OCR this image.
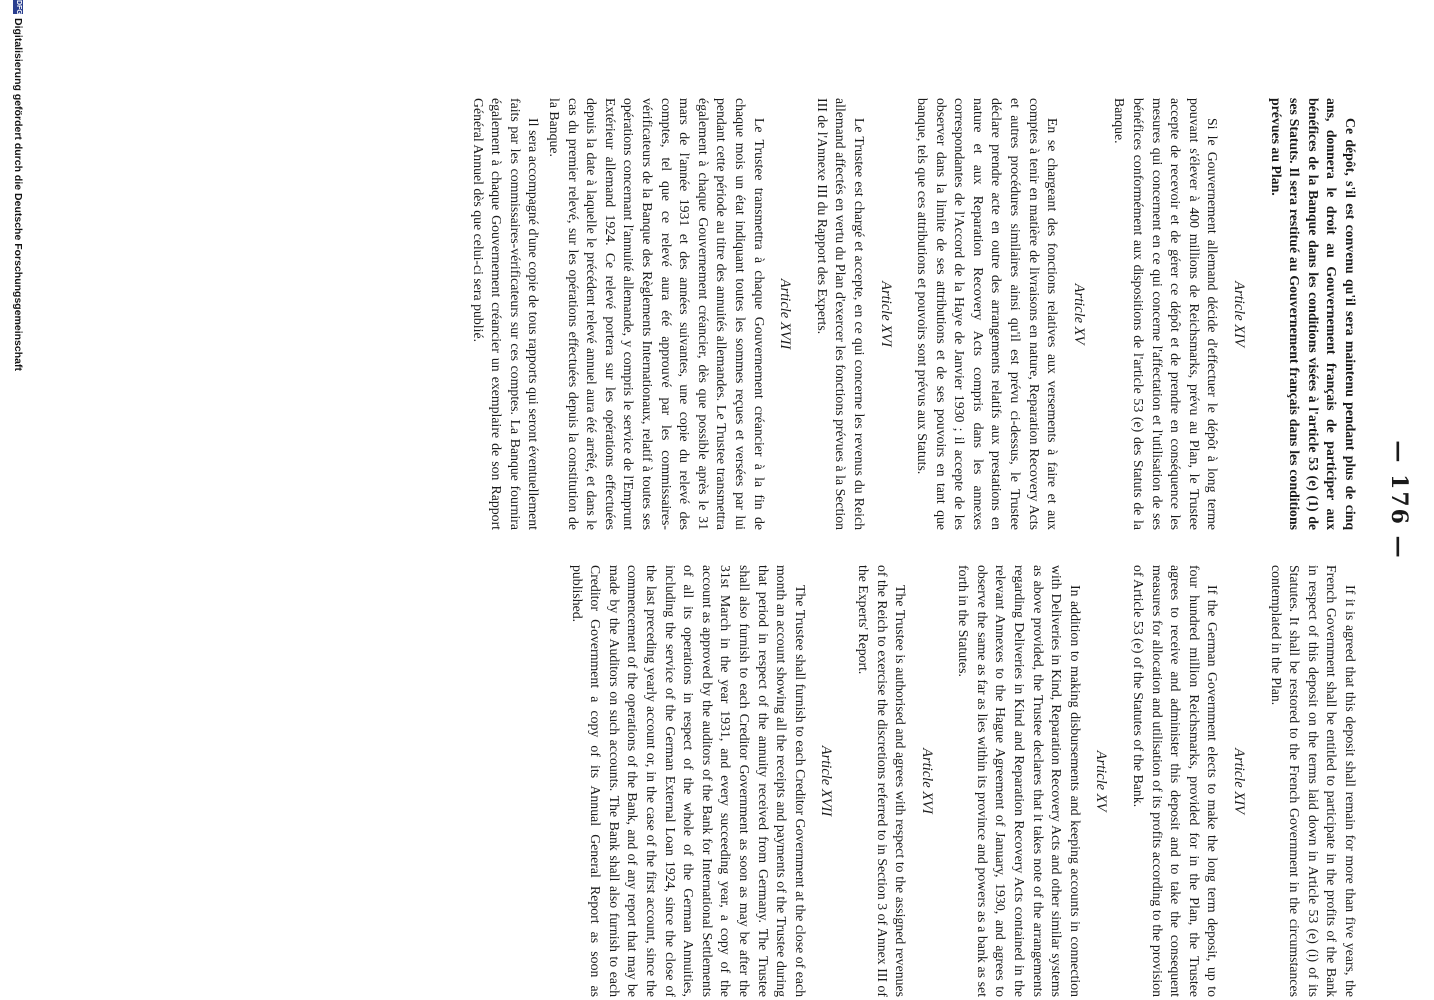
— 176 —

Ce dépôt, s'il est convenu qu'il sera maintenu pendant plus de cinq ans, donnera le droit au Gouvernement français de participer aux bénéfices de la Banque dans les conditions visées à l'article 53 (e) (1) de ses Statuts. Il sera restitué au Gouvernement français dans les conditions prévues au Plan.

Article XIV

Si le Gouvernement allemand décide d'effectuer le dépôt à long terme pouvant s'élever à 400 millions de Reichsmarks, prévu au Plan, le Trustee accepte de recevoir et de gérer ce dépôt et de prendre en conséquence les mesures qui concernent en ce qui concerne l'affectation et l'utilisation de ses bénéfices conformément aux dispositions de l'article 53 (e) des Statuts de la Banque.

Article XV

En se chargeant des fonctions relatives aux versements à faire et aux comptes à tenir en matière de livraisons en nature, Reparation Recovery Acts et autres procédures similaires ainsi qu'il est prévu ci-dessus, le Trustee déclare prendre acte en outre des arrangements relatifs aux prestations en nature et aux Reparation Recovery Acts compris dans les annexes correspondantes de l'Accord de la Haye de Janvier 1930 ; il accepte de les observer dans la limite de ses attributions et de ses pouvoirs en tant que banque, tels que ces attributions et pouvoirs sont prévus aux Statuts.

Article XVI

Le Trustee est chargé et accepte, en ce qui concerne les revenus du Reich allemand affectés en vertu du Plan d'exercer les fonctions prévues à la Section III de l'Annexe III du Rapport des Experts.

Article XVII

Le Trustee transmettra à chaque Gouvernement créancier à la fin de chaque mois un état indiquant toutes les sommes reçues et versées par lui pendant cette période au titre des annuités allemandes. Le Trustee transmettra également à chaque Gouvernement créancier, dès que possible après le 31 mars de l'année 1931 et des années suivantes, une copie du relevé des comptes, tel que ce relevé aura été approuvé par les commissaires-vérificateurs de la Banque des Règlements Internationaux, relatif à toutes ses opérations concernant l'annuité allemande, y compris le service de l'Emprunt Extérieur allemand 1924. Ce relevé portera sur les opérations effectuées depuis la date à laquelle le précédent relevé annuel aura été arrêté, et dans le cas du premier relevé, sur les opérations effectuées depuis la constitution de la Banque.

Il sera accompagné d'une copie de tous rapports qui seront éventuellement faits par les commissaires-vérificateurs sur ces comptes. La Banque fournira également à chaque Gouvernement créancier un exemplaire de son Rapport Général Annuel dès que celui-ci sera publié.

If it is agreed that this deposit shall remain for more than five years, the French Government shall be entitled to participate in the profits of the Bank in respect of this deposit on the terms laid down in Article 53 (e) (i) of its Statutes. It shall be restored to the French Government in the circumstances contemplated in the Plan.

Article XIV

If the German Government elects to make the long term deposit, up to four hundred million Reichsmarks, provided for in the Plan, the Trustee agrees to receive and administer this deposit and to take the consequent measures for allocation and utilisation of its profits according to the provision of Article 53 (e) of the Statutes of the Bank.

Article XV

In addition to making disbursements and keeping accounts in connection with Deliveries in Kind, Reparation Recovery Acts and other similar systems as above provided, the Trustee declares that it takes note of the arrangements regarding Deliveries in Kind and Reparation Recovery Acts contained in the relevant Annexes to the Hague Agreement of January, 1930, and agrees to observe the same as far as lies within its province and powers as a bank as set forth in the Statutes.

Article XVI

The Trustee is authorised and agrees with respect to the assigned revenues of the Reich to exercise the discretions referred to in Section 3 of Annex III of the Experts' Report.

Article XVII

The Trustee shall furnish to each Creditor Government at the close of each month an account showing all the receipts and payments of the Trustee during that period in respect of the annuity received from Germany. The Trustee shall also furnish to each Creditor Government as soon as may be after the 31st March in the year 1931, and every succeeding year, a copy of the account as approved by the auditors of the Bank for International Settlements of all its operations in respect of the whole of the German Annuities, including the service of the German External Loan 1924, since the close of the last preceding yearly account or, in the case of the first account, since the commencement of the operations of the Bank, and of any report that may be made by the Auditors on such accounts. The Bank shall also furnish to each Creditor Government a copy of its Annual General Report as soon as published.

DFGDigitalisierung gefördert durch die Deutsche Forschungsgemeinschaft
